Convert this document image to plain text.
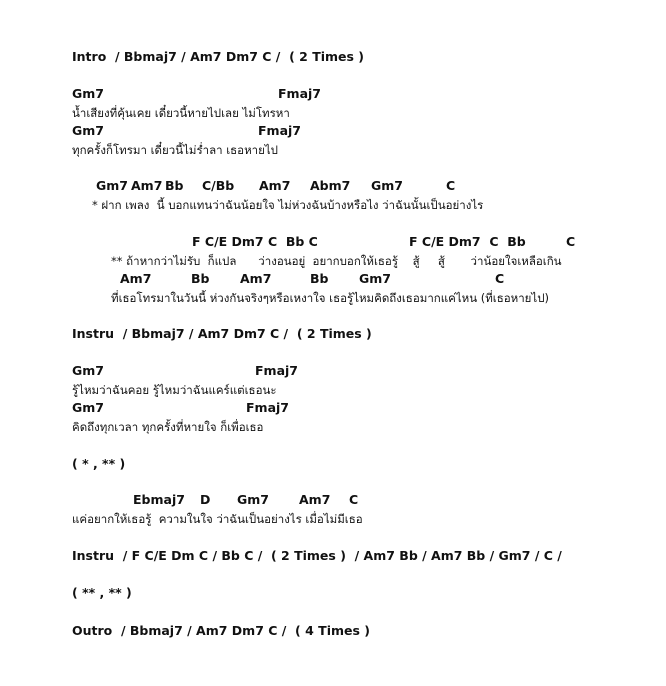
Intro  / Bbmaj7 / Am7 Dm7 C /  ( 2 Times )
Gm7	Fmaj7
น้ำเสียงที่คุ้นเคย เดี๋ยวนี้หายไปเลย ไม่โทรหา
Gm7	Fmaj7
ทุกครั้งก็โทรมา เดี๋ยวนี้ไม่ร่ำลา เธอหายไป
Gm7 Am7 Bb C/Bb Am7 Abm7 Gm7	C
* ฝาก เพลง  นี้ บอกแทนว่าฉันน้อยใจ ไม่ห่วงฉันบ้างหรือไง ว่าฉันนั้นเป็นอย่างไร
F C/E Dm7 C  Bb C	F C/E Dm7  C  Bb	C
** ถ้าหากว่าไม่รับ  ก็แปล      ว่างอนอยู่  อยากบอกให้เธอรู้    สู้     สู้       ว่าน้อยใจเหลือเกิน
Am7	Bb Am7	Bb Gm7	C
ที่เธอโทรมาในวันนี้ ห่วงกันจริงๆหรือเหงาใจ เธอรู้ไหมคิดถึงเธอมากแค่ไหน (ที่เธอหายไป)
Instru  / Bbmaj7 / Am7 Dm7 C /  ( 2 Times )
Gm7	Fmaj7
รู้ไหมว่าฉันคอย รู้ไหมว่าฉันแคร์แต่เธอนะ
Gm7	Fmaj7
คิดถึงทุกเวลา ทุกครั้งที่หายใจ ก็เพื่อเธอ
( * , ** )
Ebmaj7 D Gm7 Am7 C
แค่อยากให้เธอรู้  ความในใจ ว่าฉันเป็นอย่างไร เมื่อไม่มีเธอ
Instru  / F C/E Dm C / Bb C /  ( 2 Times )  / Am7 Bb / Am7 Bb / Gm7 / C /
( ** , ** )
Outro  / Bbmaj7 / Am7 Dm7 C /  ( 4 Times )
